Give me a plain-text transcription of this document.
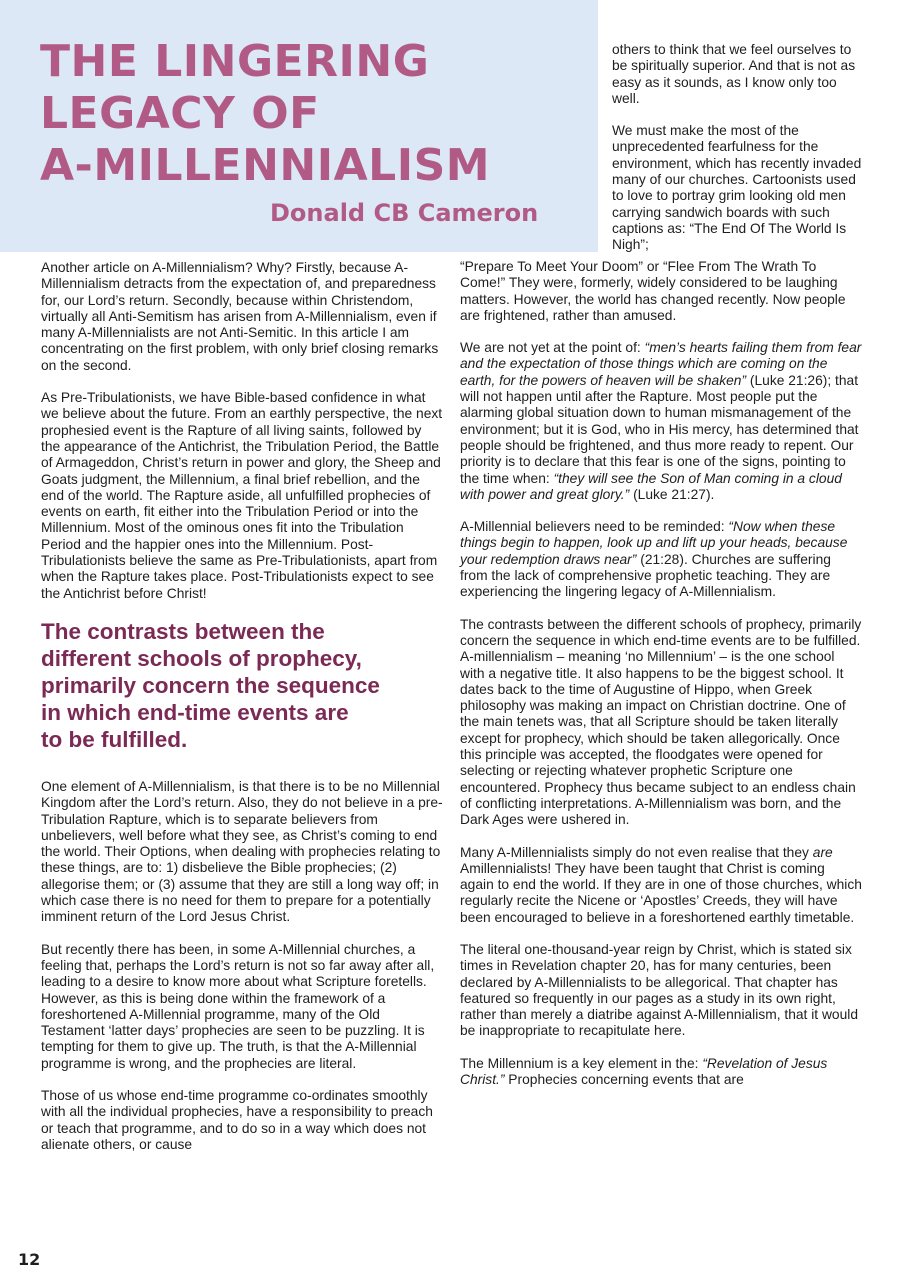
THE LINGERING
LEGACY OF
A-MILLENNIALISM
Donald CB Cameron

others to think that we feel ourselves to be spiritually superior. And that is not as easy as it sounds, as I know only too well.

We must make the most of the unprecedented fearfulness for the environment, which has recently invaded many of our churches. Cartoonists used to love to portray grim looking old men carrying sandwich boards with such captions as: “The End Of The World Is Nigh”;

Another article on A-Millennialism? Why? Firstly, because A-Millennialism detracts from the expectation of, and preparedness for, our Lord’s return. Secondly, because within Christendom, virtually all Anti-Semitism has arisen from A-Millennialism, even if many A-Millennialists are not Anti-Semitic. In this article I am concentrating on the first problem, with only brief closing remarks on the second.

As Pre-Tribulationists, we have Bible-based confidence in what we believe about the future. From an earthly perspective, the next prophesied event is the Rapture of all living saints, followed by the appearance of the Antichrist, the Tribulation Period, the Battle of Armageddon, Christ’s return in power and glory, the Sheep and Goats judgment, the Millennium, a final brief rebellion, and the end of the world. The Rapture aside, all unfulfilled prophecies of events on earth, fit either into the Tribulation Period or into the Millennium. Most of the ominous ones fit into the Tribulation Period and the happier ones into the Millennium. Post-Tribulationists believe the same as Pre-Tribulationists, apart from when the Rapture takes place. Post-Tribulationists expect to see the Antichrist before Christ!

The contrasts between the
different schools of prophecy,
primarily concern the sequence
in which end-time events are
to be fulfilled.

One element of A-Millennialism, is that there is to be no Millennial Kingdom after the Lord’s return. Also, they do not believe in a pre-Tribulation Rapture, which is to separate believers from unbelievers, well before what they see, as Christ’s coming to end the world. Their Options, when dealing with prophecies relating to these things, are to: 1) disbelieve the Bible prophecies; (2) allegorise them; or (3) assume that they are still a long way off; in which case there is no need for them to prepare for a potentially imminent return of the Lord Jesus Christ.

But recently there has been, in some A-Millennial churches, a feeling that, perhaps the Lord’s return is not so far away after all, leading to a desire to know more about what Scripture foretells. However, as this is being done within the framework of a foreshortened A-Millennial programme, many of the Old Testament ‘latter days’ prophecies are seen to be puzzling. It is tempting for them to give up. The truth, is that the A-Millennial programme is wrong, and the prophecies are literal.

Those of us whose end-time programme co-ordinates smoothly with all the individual prophecies, have a responsibility to preach or teach that programme, and to do so in a way which does not alienate others, or cause

“Prepare To Meet Your Doom” or “Flee From The Wrath To Come!” They were, formerly, widely considered to be laughing matters. However, the world has changed recently. Now people are frightened, rather than amused.

We are not yet at the point of: “men’s hearts failing them from fear and the expectation of those things which are coming on the earth, for the powers of heaven will be shaken” (Luke 21:26); that will not happen until after the Rapture. Most people put the alarming global situation down to human mismanagement of the environment; but it is God, who in His mercy, has determined that people should be frightened, and thus more ready to repent. Our priority is to declare that this fear is one of the signs, pointing to the time when: “they will see the Son of Man coming in a cloud with power and great glory.” (Luke 21:27).

A-Millennial believers need to be reminded: “Now when these things begin to happen, look up and lift up your heads, because your redemption draws near” (21:28). Churches are suffering from the lack of comprehensive prophetic teaching. They are experiencing the lingering legacy of A-Millennialism.

The contrasts between the different schools of prophecy, primarily concern the sequence in which end-time events are to be fulfilled. A-millennialism – meaning ‘no Millennium’ – is the one school with a negative title. It also happens to be the biggest school. It dates back to the time of Augustine of Hippo, when Greek philosophy was making an impact on Christian doctrine. One of the main tenets was, that all Scripture should be taken literally except for prophecy, which should be taken allegorically. Once this principle was accepted, the floodgates were opened for selecting or rejecting whatever prophetic Scripture one encountered. Prophecy thus became subject to an endless chain of conflicting interpretations. A-Millennialism was born, and the Dark Ages were ushered in.

Many A-Millennialists simply do not even realise that they are Amillennialists! They have been taught that Christ is coming again to end the world. If they are in one of those churches, which regularly recite the Nicene or ‘Apostles’ Creeds, they will have been encouraged to believe in a foreshortened earthly timetable.

The literal one-thousand-year reign by Christ, which is stated six times in Revelation chapter 20, has for many centuries, been declared by A-Millennialists to be allegorical. That chapter has featured so frequently in our pages as a study in its own right, rather than merely a diatribe against A-Millennialism, that it would be inappropriate to recapitulate here.

The Millennium is a key element in the: “Revelation of Jesus Christ.” Prophecies concerning events that are

12
